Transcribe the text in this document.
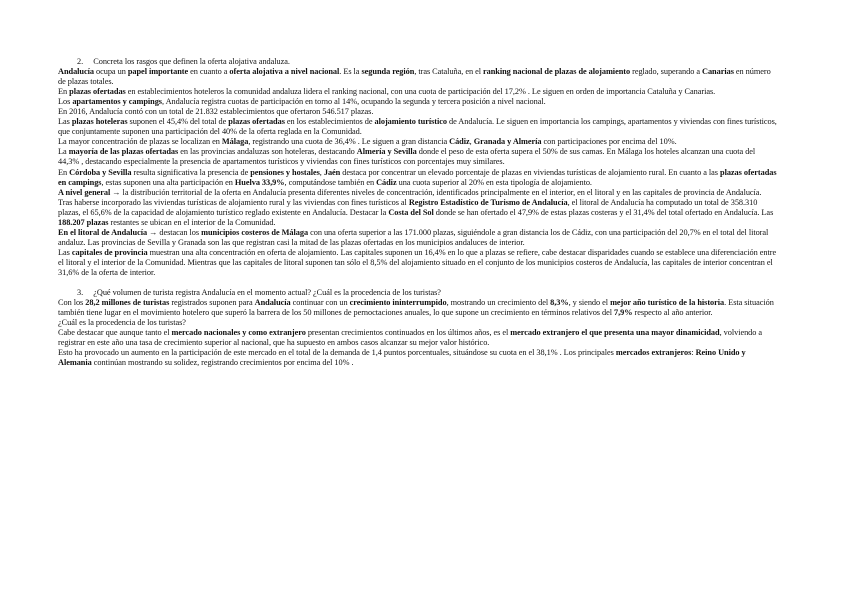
2.     Concreta los rasgos que definen la oferta alojativa andaluza.

Andalucía ocupa un papel importante en cuanto a oferta alojativa a nivel nacional. Es la segunda región, tras Cataluña, en el ranking nacional de plazas de alojamiento reglado, superando a Canarias en número de plazas totales.

En plazas ofertadas en establecimientos hoteleros la comunidad andaluza lidera el ranking nacional, con una cuota de participación del 17,2% . Le siguen en orden de importancia Cataluña y Canarias.

Los apartamentos y campings, Andalucía registra cuotas de participación en torno al 14%, ocupando la segunda y tercera posición a nivel nacional.

En 2016, Andalucía contó con un total de 21.832 establecimientos que ofertaron 546.517 plazas.

Las plazas hoteleras suponen el 45,4% del total de plazas ofertadas en los establecimientos de alojamiento turístico de Andalucía. Le siguen en importancia los campings, apartamentos y viviendas con fines turísticos, que conjuntamente suponen una participación del 40% de la oferta reglada en la Comunidad.

La mayor concentración de plazas se localizan en Málaga, registrando una cuota de 36,4% . Le siguen a gran distancia Cádiz, Granada y Almería con participaciones por encima del 10%.

La mayoría de las plazas ofertadas en las provincias andaluzas son hoteleras, destacando Almería y Sevilla donde el peso de esta oferta supera el 50% de sus camas. En Málaga los hoteles alcanzan una cuota del 44,3% , destacando especialmente la presencia de apartamentos turísticos y viviendas con fines turísticos con porcentajes muy similares.

En Córdoba y Sevilla resulta significativa la presencia de pensiones y hostales, Jaén destaca por concentrar un elevado porcentaje de plazas en viviendas turísticas de alojamiento rural. En cuanto a las plazas ofertadas en campings, estas suponen una alta participación en Huelva 33,9%, computándose también en Cádiz una cuota superior al 20% en esta tipología de alojamiento.

A nivel general → la distribución territorial de la oferta en Andalucía presenta diferentes niveles de concentración, identificados principalmente en el interior, en el litoral y en las capitales de provincia de Andalucía.

Tras haberse incorporado las viviendas turísticas de alojamiento rural y las viviendas con fines turísticos al Registro Estadístico de Turismo de Andalucía, el litoral de Andalucía ha computado un total de 358.310 plazas, el 65,6% de la capacidad de alojamiento turístico reglado existente en Andalucía. Destacar la Costa del Sol donde se han ofertado el 47,9% de estas plazas costeras y el 31,4% del total ofertado en Andalucía. Las 188.207 plazas restantes se ubican en el interior de la Comunidad.

En el litoral de Andalucía → destacan los municipios costeros de Málaga con una oferta superior a las 171.000 plazas, siguiéndole a gran distancia los de Cádiz, con una participación del 20,7% en el total del litoral andaluz. Las provincias de Sevilla y Granada son las que registran casi la mitad de las plazas ofertadas en los municipios andaluces de interior.

Las capitales de provincia muestran una alta concentración en oferta de alojamiento. Las capitales suponen un 16,4% en lo que a plazas se refiere, cabe destacar disparidades cuando se establece una diferenciación entre el litoral y el interior de la Comunidad. Mientras que las capitales de litoral suponen tan sólo el 8,5% del alojamiento situado en el conjunto de los municipios costeros de Andalucía, las capitales de interior concentran el 31,6% de la oferta de interior.

3.     ¿Qué volumen de turista registra Andalucía en el momento actual? ¿Cuál es la procedencia de los turistas?

Con los 28,2 millones de turistas registrados suponen para Andalucía continuar con un crecimiento ininterrumpido, mostrando un crecimiento del 8,3%, y siendo el mejor año turístico de la historia. Esta situación también tiene lugar en el movimiento hotelero que superó la barrera de los 50 millones de pernoctaciones anuales, lo que supone un crecimiento en términos relativos del 7,9% respecto al año anterior.

¿Cuál es la procedencia de los turistas?

Cabe destacar que aunque tanto el mercado nacionales y como extranjero presentan crecimientos continuados en los últimos años, es el mercado extranjero el que presenta una mayor dinamicidad, volviendo a registrar en este año una tasa de crecimiento superior al nacional, que ha supuesto en ambos casos alcanzar su mejor valor histórico.

Esto ha provocado un aumento en la participación de este mercado en el total de la demanda de 1,4 puntos porcentuales, situándose su cuota en el 38,1% . Los principales mercados extranjeros: Reino Unido y Alemania continúan mostrando su solidez, registrando crecimientos por encima del 10% .
